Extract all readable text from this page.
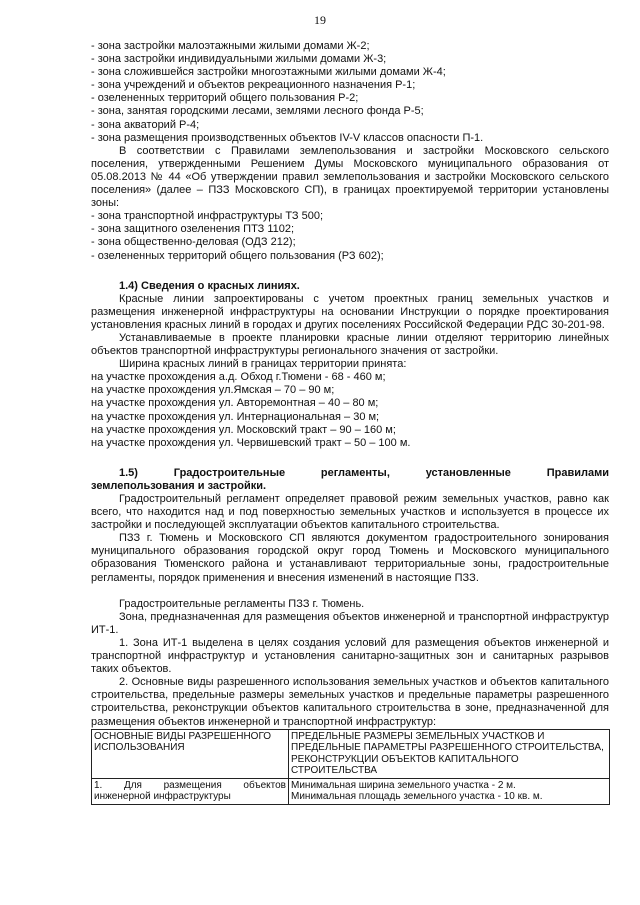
19
- зона застройки малоэтажными жилыми домами Ж-2;
- зона застройки индивидуальными жилыми домами Ж-3;
- зона сложившейся застройки многоэтажными жилыми домами Ж-4;
- зона учреждений и объектов рекреационного назначения Р-1;
- озелененных территорий общего пользования Р-2;
- зона, занятая городскими лесами, землями лесного фонда Р-5;
- зона акваторий Р-4;
- зона размещения производственных объектов IV-V классов опасности П-1.

В соответствии с Правилами землепользования и застройки Московского сельского поселения, утвержденными Решением Думы Московского муниципального образования от 05.08.2013 № 44 «Об утверждении правил землепользования и застройки Московского сельского поселения» (далее – ПЗЗ Московского СП), в границах проектируемой территории установлены зоны:

- зона транспортной инфраструктуры ТЗ 500;
- зона защитного озеленения ПТЗ 1102;
- зона общественно-деловая (ОДЗ 212);
- озелененных территорий общего пользования (РЗ 602);

1.4) Сведения о красных линиях.

Красные линии запроектированы с учетом проектных границ земельных участков и размещения инженерной инфраструктуры на основании Инструкции о порядке проектирования установления красных линий в городах и других поселениях Российской Федерации РДС 30-201-98.

Устанавливаемые в проекте планировки красные линии отделяют территорию линейных объектов транспортной инфраструктуры регионального значения от застройки.

Ширина красных линий в границах территории принята:

на участке прохождения а.д. Обход г.Тюмени - 68 - 460 м;
на участке прохождения ул.Ямская – 70 – 90 м;
на участке прохождения ул. Авторемонтная – 40 – 80 м;
на участке прохождения ул. Интернациональная – 30 м;
на участке прохождения ул. Московский тракт – 90 – 160 м;
на участке прохождения ул. Червишевский тракт – 50 – 100 м.

1.5)	Градостроительные	регламенты,	установленные	Правилами

землепользования и застройки.

Градостроительный регламент определяет правовой режим земельных участков, равно как всего, что находится над и под поверхностью земельных участков и используется в процессе их застройки и последующей эксплуатации объектов капитального строительства.

ПЗЗ г. Тюмень и Московского СП являются документом градостроительного зонирования муниципального образования городской округ город Тюмень и Московского муниципального образования Тюменского района и устанавливают территориальные зоны, градостроительные регламенты, порядок применения и внесения изменений в настоящие ПЗЗ.

Градостроительные регламенты ПЗЗ г. Тюмень.

Зона, предназначенная для размещения объектов инженерной и транспортной инфраструктур ИТ-1.

1. Зона ИТ-1 выделена в целях создания условий для размещения объектов инженерной и транспортной инфраструктур и установления санитарно-защитных зон и санитарных разрывов таких объектов.

2. Основные виды разрешенного использования земельных участков и объектов капитального строительства, предельные размеры земельных участков и предельные параметры разрешенного строительства, реконструкции объектов капитального строительства в зоне, предназначенной для размещения объектов инженерной и транспортной инфраструктур:

ОСНОВНЫЕ ВИДЫ РАЗРЕШЕННОГО ИСПОЛЬЗОВАНИЯ	ПРЕДЕЛЬНЫЕ РАЗМЕРЫ ЗЕМЕЛЬНЫХ УЧАСТКОВ И ПРЕДЕЛЬНЫЕ ПАРАМЕТРЫ РАЗРЕШЕННОГО СТРОИТЕЛЬСТВА, РЕКОНСТРУКЦИИ ОБЪЕКТОВ КАПИТАЛЬНОГО СТРОИТЕЛЬСТВА
1. Для размещения объектов инженерной инфраструктуры	Минимальная ширина земельного участка - 2 м.
Минимальная площадь земельного участка - 10 кв. м.
